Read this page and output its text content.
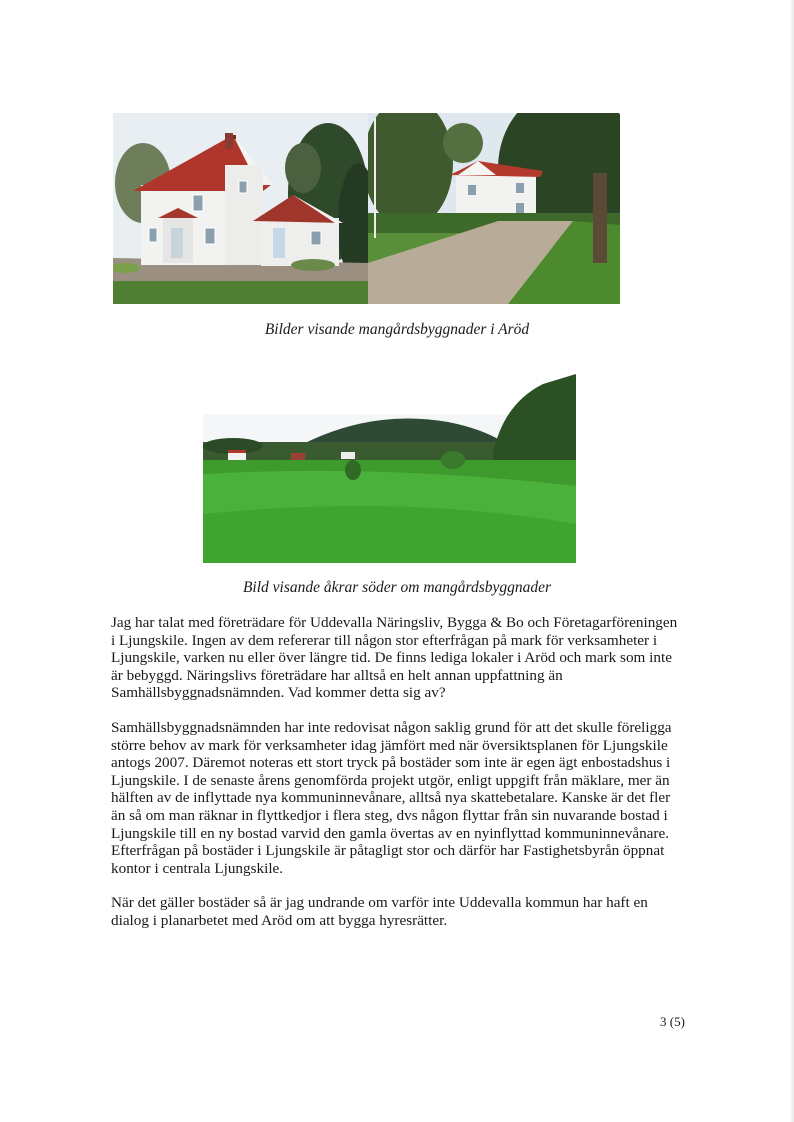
Bilder visande mangårdsbyggnader i Aröd
Bild visande åkrar söder om mangårdsbyggnader

Jag har talat med företrädare för Uddevalla Näringsliv, Bygga & Bo och Företagarföreningen i Ljungskile. Ingen av dem refererar till någon stor efterfrågan på mark för verksamheter i Ljungskile, varken nu eller över längre tid. De finns lediga lokaler i Aröd och mark som inte är bebyggd. Näringslivs företrädare har alltså en helt annan uppfattning än Samhällsbyggnadsnämnden. Vad kommer detta sig av?

Samhällsbyggnadsnämnden har inte redovisat någon saklig grund för att det skulle föreligga större behov av mark för verksamheter idag jämfört med när översiktsplanen för Ljungskile antogs 2007. Däremot noteras ett stort tryck på bostäder som inte är egen ägt enbostadshus i Ljungskile. I de senaste årens genomförda projekt utgör, enligt uppgift från mäklare, mer än hälften av de inflyttade nya kommuninnevånare, alltså nya skattebetalare. Kanske är det fler än så om man räknar in flyttkedjor i flera steg, dvs någon flyttar från sin nuvarande bostad i Ljungskile till en ny bostad varvid den gamla övertas av en nyinflyttad kommuninnevånare. Efterfrågan på bostäder i Ljungskile är påtagligt stor och därför har Fastighetsbyrån öppnat kontor i centrala Ljungskile.

När det gäller bostäder så är jag undrande om varför inte Uddevalla kommun har haft en dialog i planarbetet med Aröd om att bygga hyresrätter.

3 (5)
